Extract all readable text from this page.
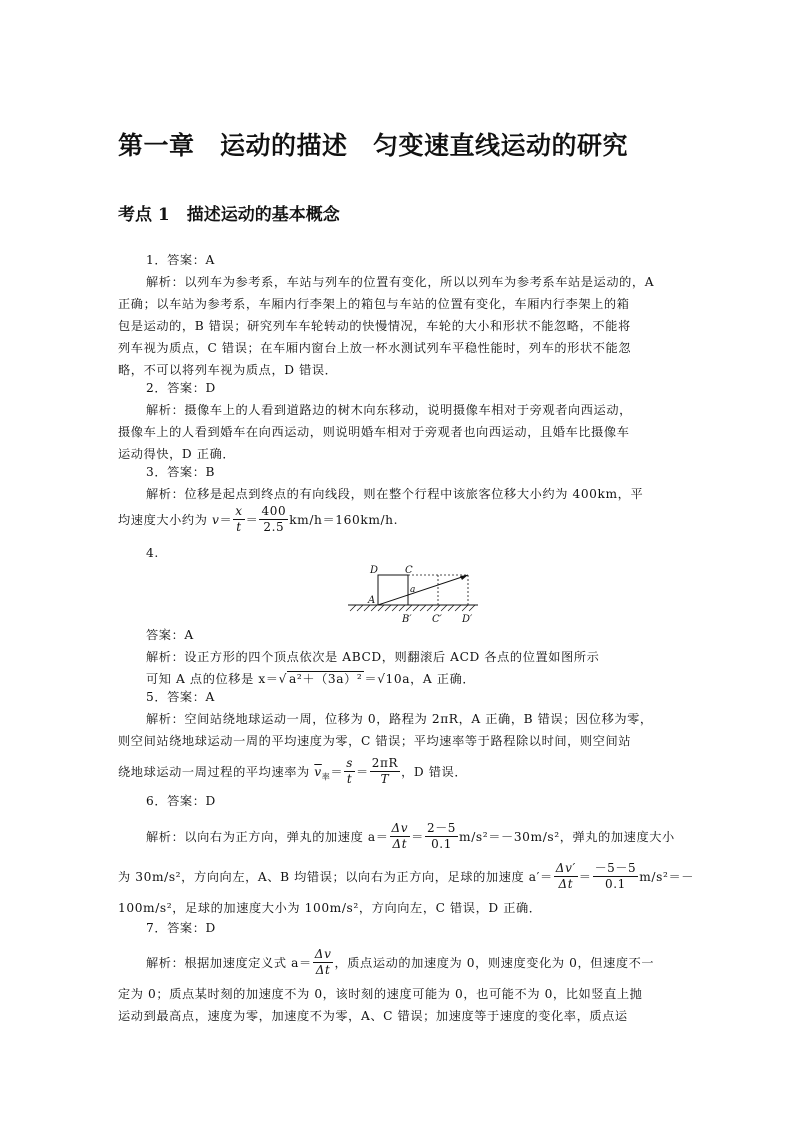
第一章　运动的描述　匀变速直线运动的研究
考点 1　描述运动的基本概念
1．答案：A
解析：以列车为参考系，车站与列车的位置有变化，所以以列车为参考系车站是运动的，A
正确；以车站为参考系，车厢内行李架上的箱包与车站的位置有变化，车厢内行李架上的箱
包是运动的，B 错误；研究列车车轮转动的快慢情况，车轮的大小和形状不能忽略，不能将
列车视为质点，C 错误；在车厢内窗台上放一杯水测试列车平稳性能时，列车的形状不能忽
略，不可以将列车视为质点，D 错误．
2．答案：D
解析：摄像车上的人看到道路边的树木向东移动，说明摄像车相对于旁观者向西运动，
摄像车上的人看到婚车在向西运动，则说明婚车相对于旁观者也向西运动，且婚车比摄像车
运动得快，D 正确．
3．答案：B
解析：位移是起点到终点的有向线段，则在整个行程中该旅客位移大小约为 400km，平
均速度大小约为 $v= \frac{x}{t} = \frac{400}{2.5} km/h=160km/h$.
4.
D	C
A
a
B′ C′ D′
答案：A
解析：设正方形的四个顶点依次是 ABCD，则翻滚后 ACD 各点的位置如图所示
可知 A 点的位移是 x＝√ a²＋（3a）² ＝√10a，A 正确．
5．答案：A
解析：空间站绕地球运动一周，位移为 0，路程为 2πR，A 正确，B 错误；因位移为零，
则空间站绕地球运动一周的平均速度为零，C 错误；平均速率等于路程除以时间，则空间站
绕地球运动一周过程的平均速率为 $\overline{v}_率= \frac{s}{t} = \frac{2\pi R}{T}$ ，D 错误．
6．答案：D
解析：以向右为正方向，弹丸的加速度 $a= \frac{\Delta v}{\Delta t} = \frac{2-5}{0.1} m/s^2=-30m/s^2$，弹丸的加速度大小
为 30m/s²，方向向左，A、B 均错误；以向右为正方向，足球的加速度 $a'= \frac{\Delta v'}{\Delta t} = \frac{-5-5}{0.1} m/s^2=-$
100m/s²，足球的加速度大小为 100m/s²，方向向左，C 错误，D 正确．
7．答案：D
解析：根据加速度定义式 $a= \frac{\Delta v}{\Delta t}$ ，质点运动的加速度为 0，则速度变化为 0，但速度不一
定为 0；质点某时刻的加速度不为 0，该时刻的速度可能为 0，也可能不为 0，比如竖直上抛
运动到最高点，速度为零，加速度不为零，A、C 错误；加速度等于速度的变化率，质点运
